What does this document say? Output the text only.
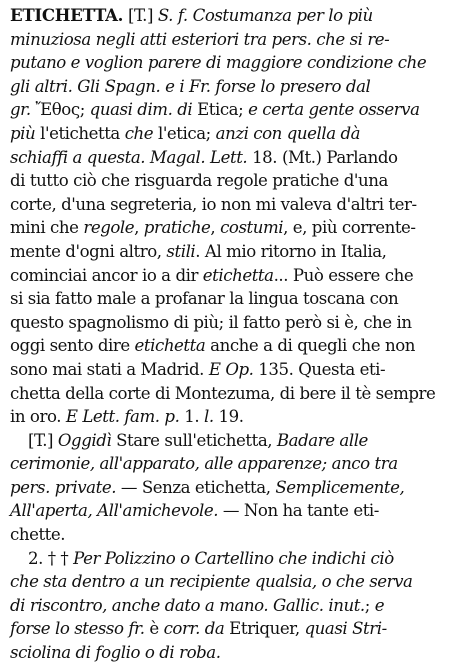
ETICHETTA. [T.] S. f. Costumanza per lo più
minuziosa negli atti esteriori tra pers. che si re-
putano e voglion parere di maggiore condizione che
gli altri. Gli Spagn. e i Fr. forse lo presero dal
gr. Ἔθος; quasi dim. di Etica; e certa gente osserva
più l'etichetta che l'etica; anzi con quella dà
schiaffi a questa. Magal. Lett. 18. (Mt.) Parlando
di tutto ciò che risguarda regole pratiche d'una
corte, d'una segreteria, io non mi valeva d'altri ter-
mini che regole, pratiche, costumi, e, più corrente-
mente d'ogni altro, stili. Al mio ritorno in Italia,
cominciai ancor io a dir etichetta... Può essere che
si sia fatto male a profanar la lingua toscana con
questo spagnolismo di più; il fatto però si è, che in
oggi sento dire etichetta anche a di quegli che non
sono mai stati a Madrid. E Op. 135. Questa eti-
chetta della corte di Montezuma, di bere il tè sempre
in oro. E Lett. fam. p. 1. l. 19.
[T.] Oggidì Stare sull'etichetta, Badare alle
cerimonie, all'apparato, alle apparenze; anco tra
pers. private. — Senza etichetta, Semplicemente,
All'aperta, All'amichevole. — Non ha tante eti-
chette.
2. † † Per Polizzino o Cartellino che indichi ciò
che sta dentro a un recipiente qualsia, o che serva
di riscontro, anche dato a mano. Gallic. inut.; e
forse lo stesso fr. è corr. da Etriquer, quasi Stri-
sciolina di foglio o di roba.
